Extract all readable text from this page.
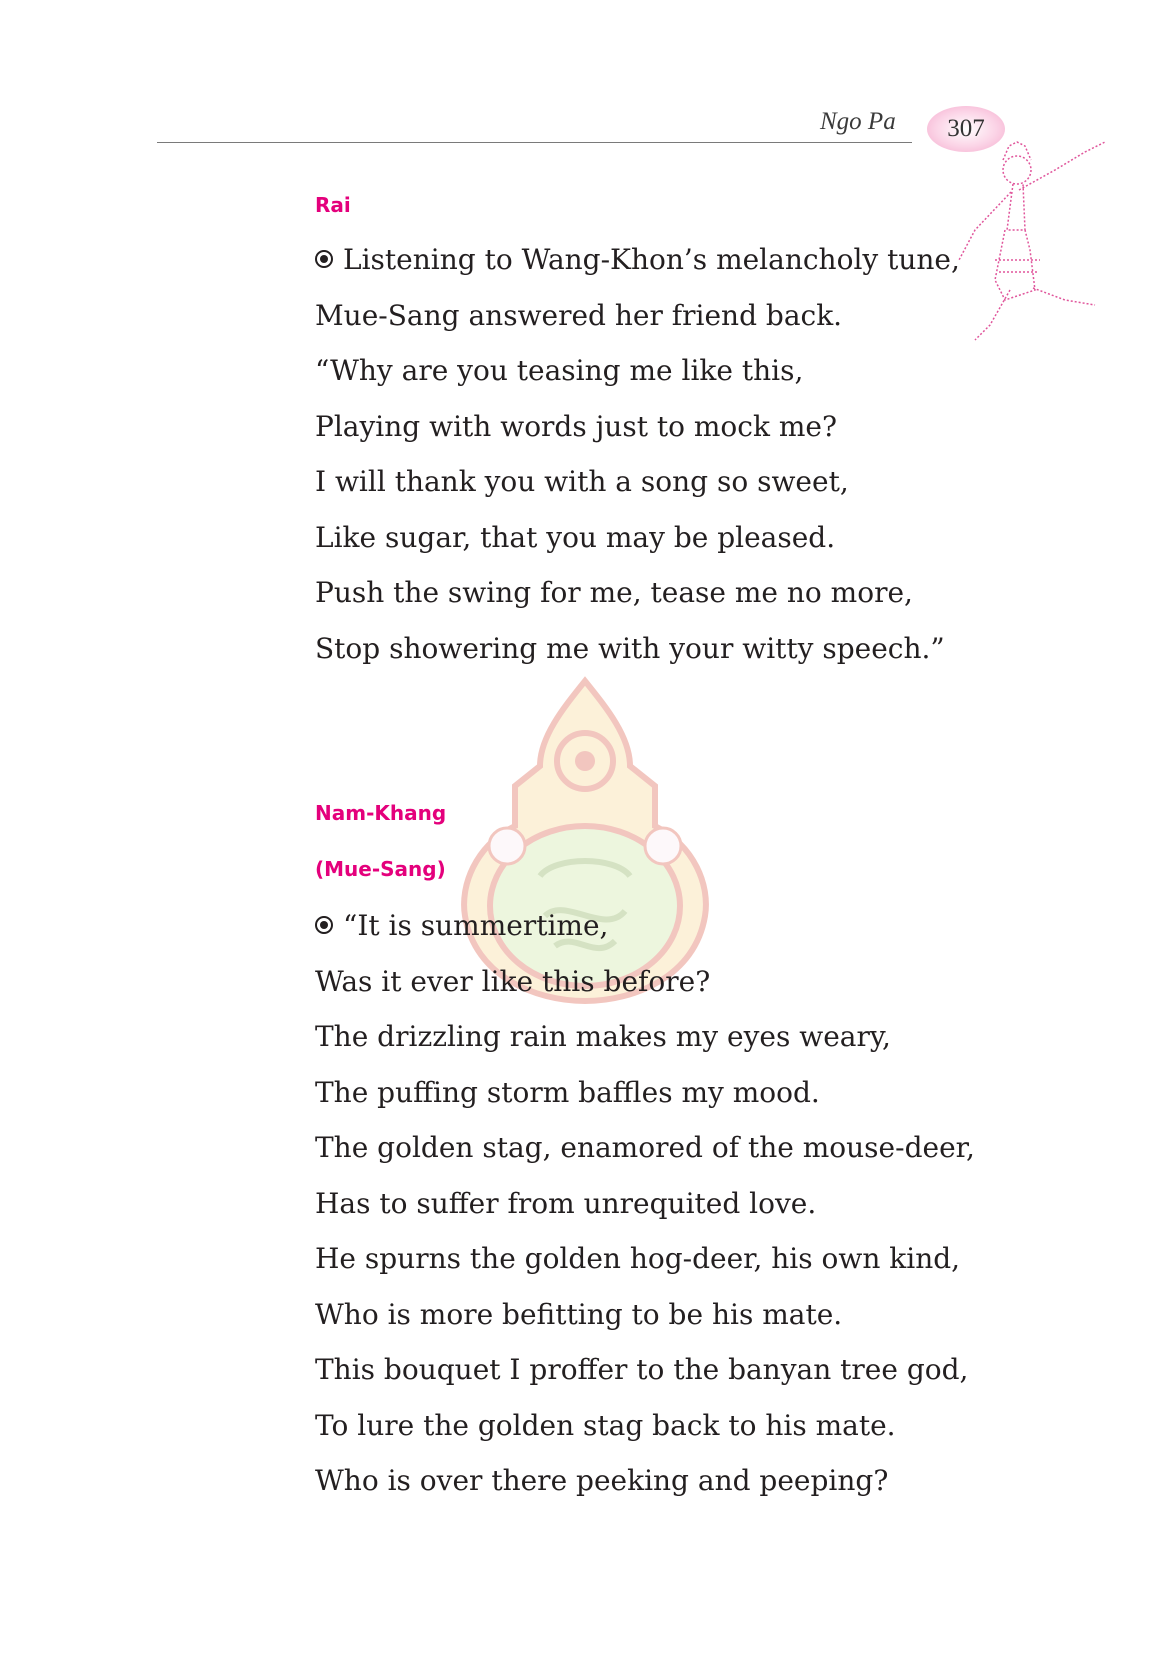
Ngo Pa 307
Rai
Listening to Wang-Khon’s melancholy tune,
Mue-Sang answered her friend back.
“Why are you teasing me like this,
Playing with words just to mock me?
I will thank you with a song so sweet,
Like sugar, that you may be pleased.
Push the swing for me, tease me no more,
Stop showering me with your witty speech.”
Nam-Khang
(Mue-Sang)
“It is summertime,
Was it ever like this before?
The drizzling rain makes my eyes weary,
The puffing storm baffles my mood.
The golden stag, enamored of the mouse-deer,
Has to suffer from unrequited love.
He spurns the golden hog-deer, his own kind,
Who is more befitting to be his mate.
This bouquet I proffer to the banyan tree god,
To lure the golden stag back to his mate.
Who is over there peeking and peeping?
